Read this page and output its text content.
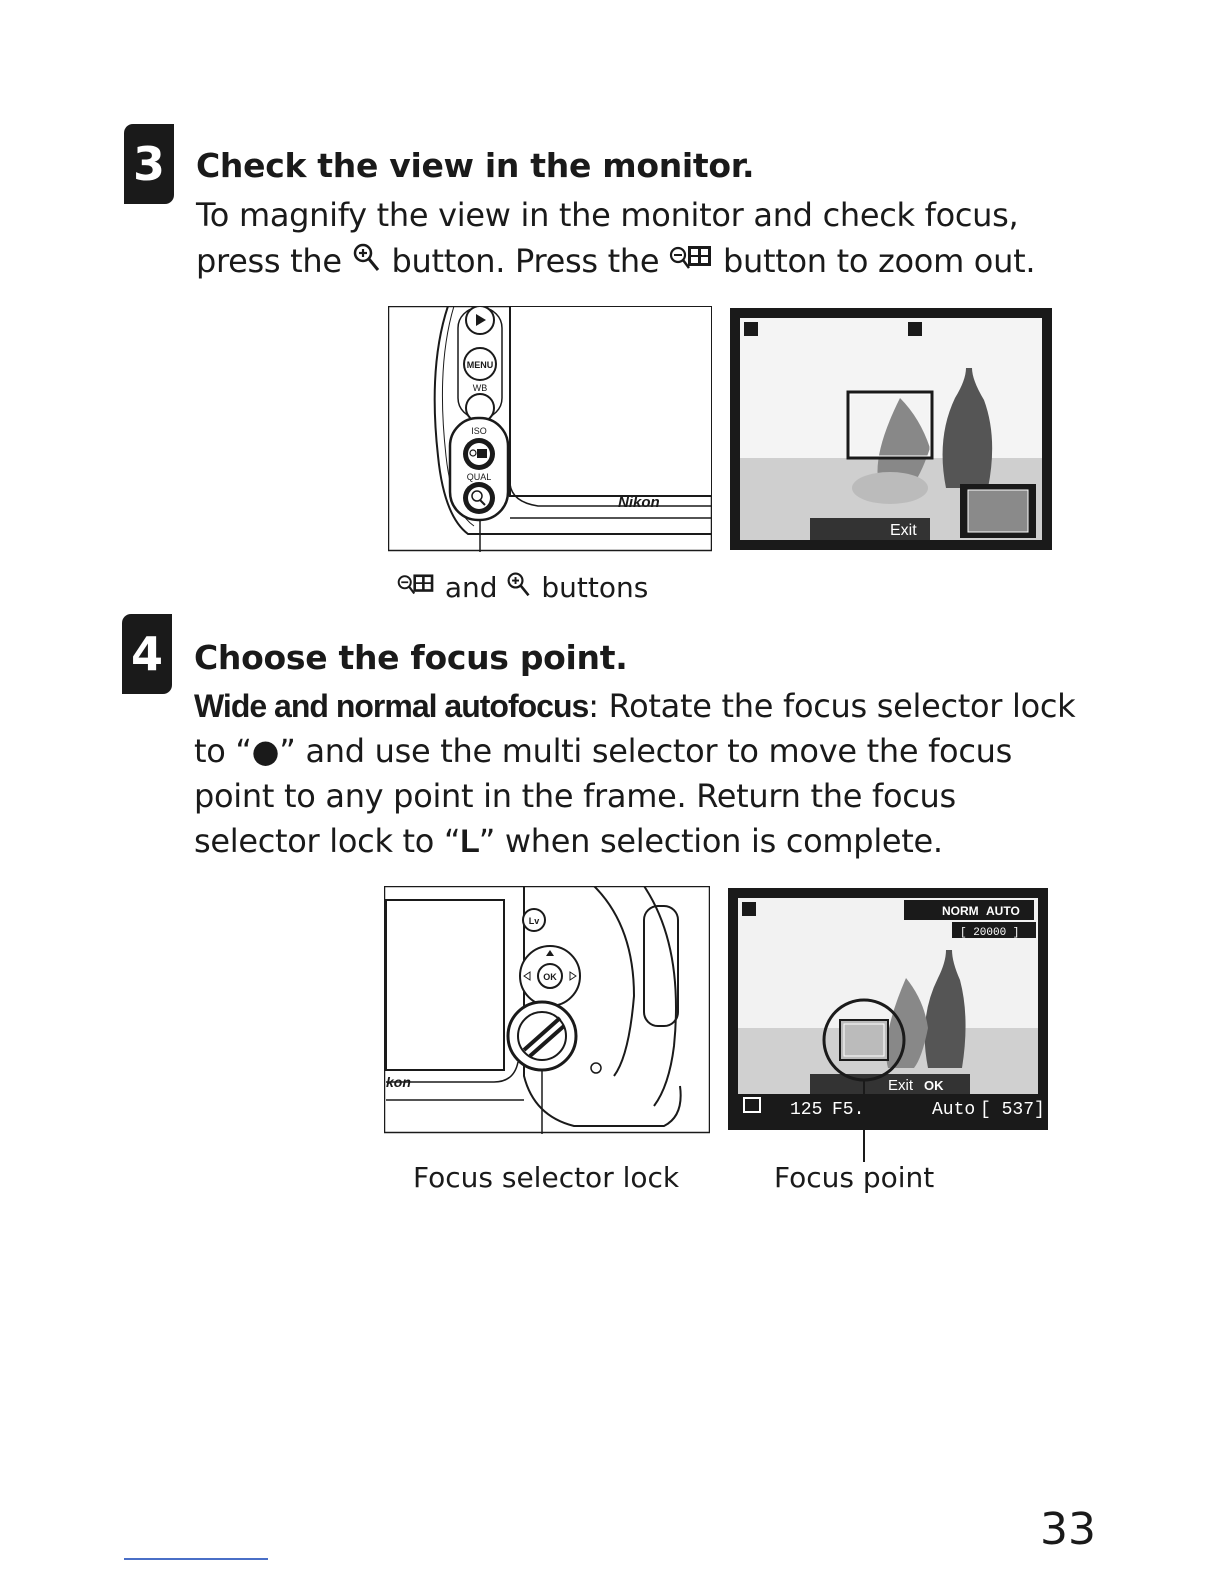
3 Check the view in the monitor.
To magnify the view in the monitor and check focus,
press the  button. Press the  button to zoom out.
Nikon
MENU
WB
ISO
QUAL
Exit
and  buttons
4 Choose the focus point.
Wide and normal autofocus: Rotate the focus selector lock
to “●” and use the multi selector to move the focus
point to any point in the frame. Return the focus
selector lock to “L” when selection is complete.
kon
Lv
OK
NORM AUTO
[ 20000 ]
Exit OK
125 F5.	Auto [ 537]
Focus selector lock	Focus point
33
